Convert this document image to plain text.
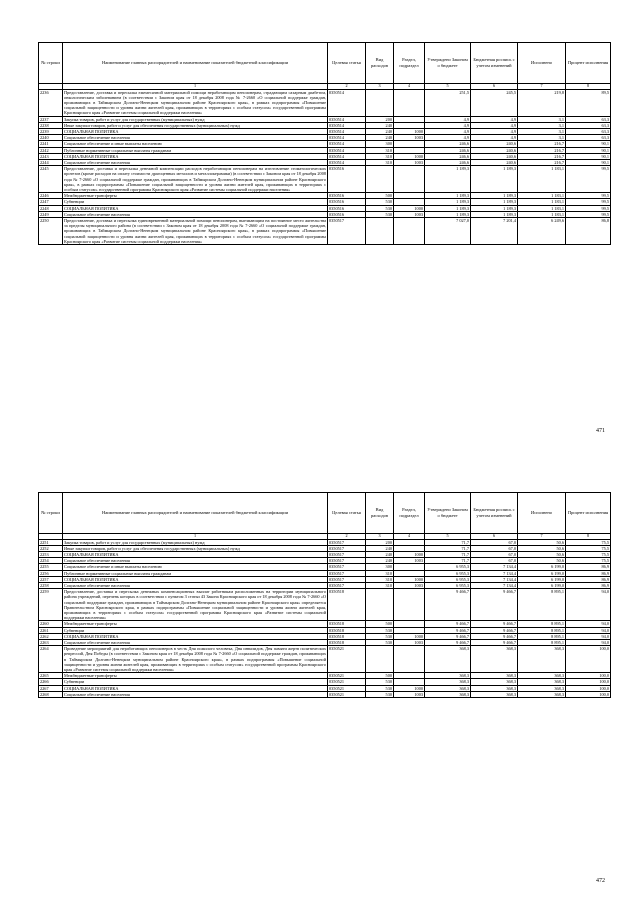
№ строки	Наименование главных распорядителей и наименование показателей бюджетной классификации	Целевая статья	Вид расходов	Раздел, подраздел	Утверждено Законом о бюджете	Бюджетная роспись с учетом изменений	Исполнено	Процент исполнения
	1	2	3	4	5	6	7	8
2236	Предоставление, доставка и пересылка ежемесячной материальной помощи неработающим пенсионерам, страдающим сахарным диабетом, онкологическим заболеванием (в соответствии с Законом края от 18 декабря 2008 года № 7-2660 «О социальной поддержке граждан, проживающих в Таймырском Долгано-Ненецком муниципальном районе Красноярского края», в рамках подпрограммы «Повышение социальной защищенности и уровня жизни жителей края, проживающих в территориях с особым статусом» государственной программы Красноярского края «Развитие системы социальной поддержки населения»	0350514			251,5	245,5	219,8	89,5
2237	Закупка товаров, работ и услуг для государственных (муниципальных) нужд	0350514	200		4,9	4,9	3,1	63,3
2238	Иные закупки товаров, работ и услуг для обеспечения государственных (муниципальных) нужд	0350514	240		4,9	4,9	3,1	63,3
2239	СОЦИАЛЬНАЯ ПОЛИТИКА	0350514	240	1000	4,9	4,9	3,1	63,3
2240	Социальное обеспечение населения	0350514	240	1003	4,9	4,9	3,1	63,3
2241	Социальное обеспечение и иные выплаты населению	0350514	300		246,6	240,6	216,7	90,1
2242	Публичные нормативные социальные выплаты гражданам	0350514	310		246,6	240,6	216,7	90,1
2243	СОЦИАЛЬНАЯ ПОЛИТИКА	0350514	310	1000	246,6	240,6	216,7	90,1
2244	Социальное обеспечение населения	0350514	310	1003	246,6	240,6	216,7	90,1
2245	Предоставление, доставка и пересылка денежной компенсации расходов неработающим пенсионерам на изготовление стоматологических протезов (кроме расходов на оплату стоимости драгоценных металлов и металлокерамики) (в соответствии с Законом края от 18 декабря 2008 года № 7-2660 «О социальной поддержке граждан, проживающих в Таймырском Долгано-Ненецком муниципальном районе Красноярского края», в рамках подпрограммы «Повышение социальной защищенности и уровня жизни жителей края, проживающих в территориях с особым статусом» государственной программы Красноярского края «Развитие системы социальной поддержки населения»	0350516			1 189,3	1 189,3	1 183,1	99,5
2246	Межбюджетные трансферты	0350516	500		1 189,3	1 189,3	1 183,1	99,5
2247	Субвенции	0350516	530		1 189,3	1 189,3	1 183,1	99,5
2248	СОЦИАЛЬНАЯ ПОЛИТИКА	0350516	530	1000	1 189,3	1 189,3	1 183,1	99,5
2249	Социальное обеспечение населения	0350516	530	1003	1 189,3	1 189,3	1 183,1	99,5
2250	Предоставление, доставка и пересылка единовременной материальной помощи пенсионерам, выезжающим на постоянное место жительства за пределы муниципального района (в соответствии с Законом края от 18 декабря 2008 года № 7-2660 «О социальной поддержке граждан, проживающих в Таймырском Долгано-Ненецком муниципальном районе Красноярского края», в рамках подпрограммы «Повышение социальной защищенности и уровня жизни жителей края, проживающих в территориях с особым статусом» государственной программы Красноярского края «Развитие системы социальной поддержки населения»	0350517			7 027,0	7 201,4	6 249,6	86,8
471
№ строки	Наименование главных распорядителей и наименование показателей бюджетной классификации	Целевая статья	Вид расходов	Раздел, подраздел	Утверждено Законом о бюджете	Бюджетная роспись с учетом изменений	Исполнено	Процент исполнения
	1	2	3	4	5	6	7	8
2251	Закупка товаров, работ и услуг для государственных (муниципальных) нужд	0350517	200		71,7	67,0	50,6	75,5
2252	Иные закупки товаров, работ и услуг для обеспечения государственных (муниципальных) нужд	0350517	240		71,7	67,0	50,6	75,5
2253	СОЦИАЛЬНАЯ ПОЛИТИКА	0350517	240	1000	71,7	67,0	50,6	75,5
2254	Социальное обеспечение населения	0350517	240	1003	71,7	67,0	50,6	75,5
2255	Социальное обеспечение и иные выплаты населению	0350517	300		6 955,3	7 134,4	6 199,0	86,9
2256	Публичные нормативные социальные выплаты гражданам	0350517	310		6 955,3	7 134,4	6 199,0	86,9
2257	СОЦИАЛЬНАЯ ПОЛИТИКА	0350517	310	1000	6 955,3	7 134,4	6 199,0	86,9
2258	Социальное обеспечение населения	0350517	310	1003	6 955,3	7 134,4	6 199,0	86,9
2259	Предоставление, доставка и пересылка денежных компенсационных выплат работникам расположенных на территории муниципального района учреждений, перечень которых в соответствии с пунктом 3 статьи 43 Закона Красноярского края от 18 декабря 2008 года № 7-2660 «О социальной поддержке граждан, проживающих в Таймырском Долгано-Ненецком муниципальном районе Красноярского края» определяется Правительством Красноярского края, в рамках подпрограммы «Повышение социальной защищенности и уровня жизни жителей края, проживающих в территориях с особым статусом» государственной программы Красноярского края «Развитие системы социальной поддержки населения»	0350518			9 466,7	9 466,7	8 895,1	94,0
2260	Межбюджетные трансферты	0350518	500		9 466,7	9 466,7	8 895,1	94,0
2261	Субвенции	0350518	530		9 466,7	9 466,7	8 895,1	94,0
2262	СОЦИАЛЬНАЯ ПОЛИТИКА	0350518	530	1000	9 466,7	9 466,7	8 895,1	94,0
2263	Социальное обеспечение населения	0350518	530	1003	9 466,7	9 466,7	8 895,1	94,0
2264	Проведение мероприятий для неработающих пенсионеров в честь Дня пожилого человека, Дня инвалидов, Дня памяти жертв политических репрессий, Дня Победы (в соответствии с Законом края от 18 декабря 2008 года № 7-2660 «О социальной поддержке граждан, проживающих в Таймырском Долгано-Ненецком муниципальном районе Красноярского края», в рамках подпрограммы «Повышение социальной защищенности и уровня жизни жителей края, проживающих в территориях с особым статусом» государственной программы Красноярского края «Развитие системы социальной поддержки населения»	0350521			368,3	368,3	368,3	100,0
2265	Межбюджетные трансферты	0350521	500		368,3	368,3	368,3	100,0
2266	Субвенции	0350521	530		368,3	368,3	368,3	100,0
2267	СОЦИАЛЬНАЯ ПОЛИТИКА	0350521	530	1000	368,3	368,3	368,3	100,0
2268	Социальное обеспечение населения	0350521	530	1003	368,3	368,3	368,3	100,0
472
